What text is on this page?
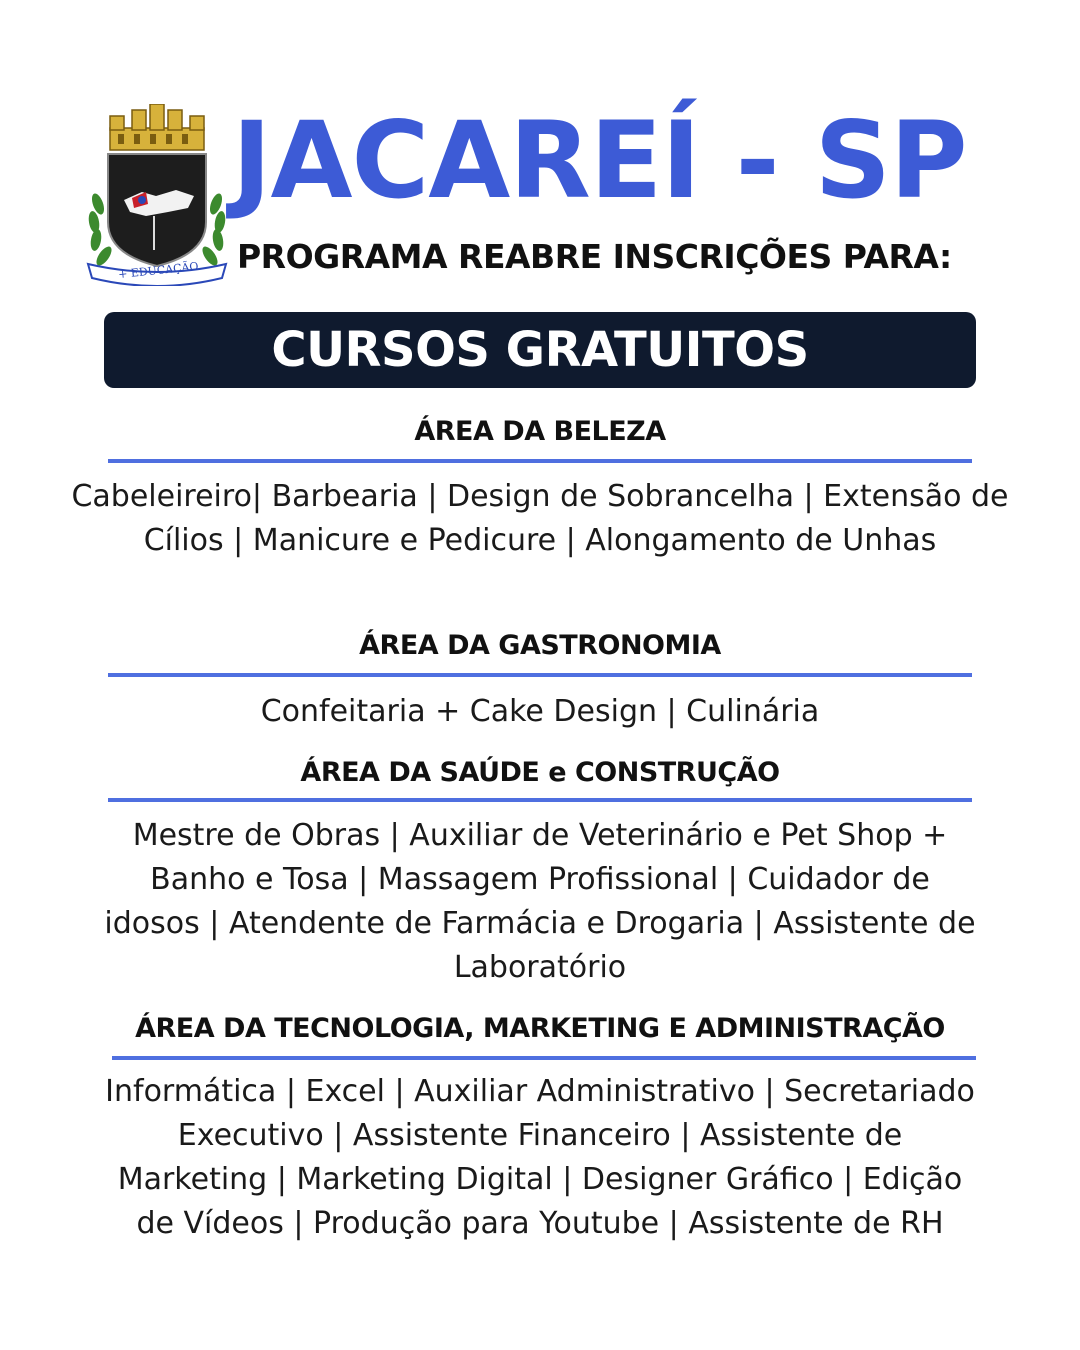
+ EDUCAÇÃO
JACAREÍ - SP
PROGRAMA REABRE INSCRIÇÕES PARA:
CURSOS GRATUITOS
ÁREA DA BELEZA
Cabeleireiro| Barbearia | Design de Sobrancelha | Extensão de Cílios | Manicure e Pedicure | Alongamento de Unhas
ÁREA DA GASTRONOMIA
Confeitaria + Cake Design | Culinária
ÁREA DA SAÚDE e CONSTRUÇÃO
Mestre de Obras | Auxiliar de Veterinário e Pet Shop + Banho e Tosa | Massagem Profissional | Cuidador de idosos | Atendente de Farmácia e Drogaria | Assistente de Laboratório
ÁREA DA TECNOLOGIA, MARKETING E ADMINISTRAÇÃO
Informática | Excel | Auxiliar Administrativo | Secretariado Executivo | Assistente Financeiro | Assistente de Marketing | Marketing Digital | Designer Gráfico | Edição de Vídeos | Produção para Youtube | Assistente de RH
